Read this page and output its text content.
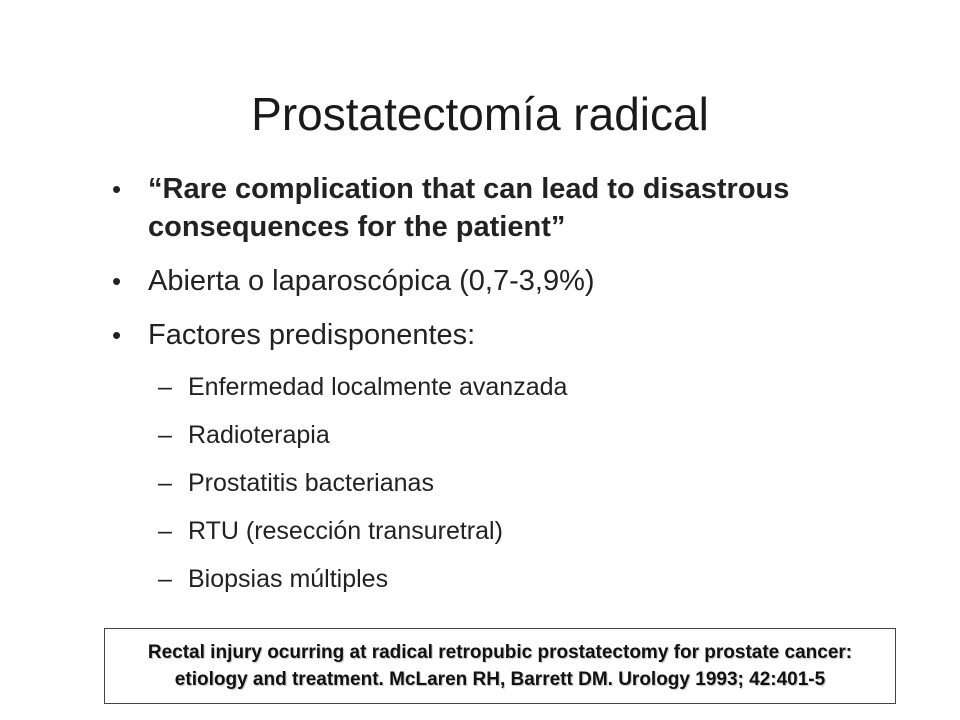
Prostatectomía radical
• “Rare complication that can lead to disastrous consequences for the patient”
• Abierta o laparoscópica (0,7-3,9%)
• Factores predisponentes:
– Enfermedad localmente avanzada
– Radioterapia
– Prostatitis bacterianas
– RTU (resección transuretral)
– Biopsias múltiples
Rectal injury ocurring at radical retropubic prostatectomy for prostate cancer:
etiology and treatment. McLaren RH, Barrett DM. Urology 1993; 42:401-5
